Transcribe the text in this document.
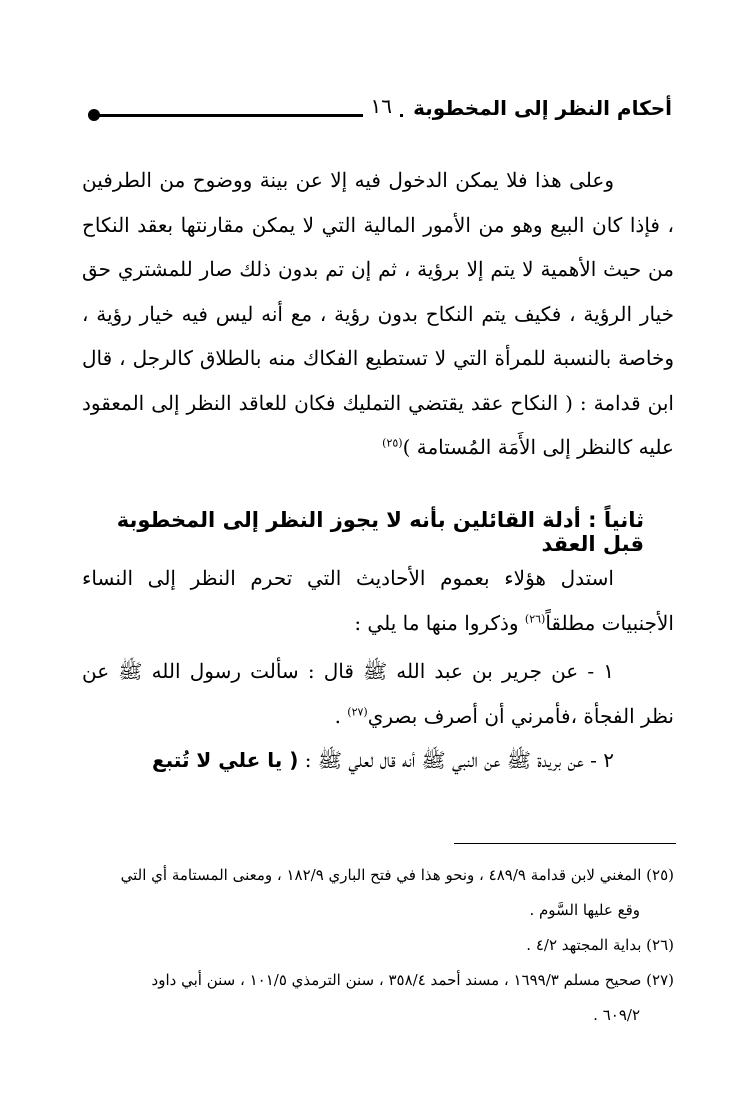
١٦	أحكام النظر إلى المخطوبة

وعلى هذا فلا يمكن الدخول فيه إلا عن بينة ووضوح من الطرفين ، فإذا كان البيع وهو من الأمور المالية التي لا يمكن مقارنتها بعقد النكاح من حيث الأهمية لا يتم إلا برؤية ، ثم إن تم بدون ذلك صار للمشتري حق خيار الرؤية ، فكيف يتم النكاح بدون رؤية ، مع أنه ليس فيه خيار رؤية ، وخاصة بالنسبة للمرأة التي لا تستطيع الفكاك منه بالطلاق كالرجل ، قال ابن قدامة : ( النكاح عقد يقتضي التمليك فكان للعاقد النظر إلى المعقود عليه كالنظر إلى الأَمَة المُستامة )$^{(٢٥)}$

ثانياً : أدلة القائلين بأنه لا يجوز النظر إلى المخطوبة قبل العقد

استدل هؤلاء بعموم الأحاديث التي تحرم النظر إلى النساء الأجنبيات مطلقاً$^{(٢٦)}$ وذكروا منها ما يلي :

١ - عن جرير بن عبد الله ﷺ قال : سألت رسول الله ﷺ عن نظر الفجأة ،فأمرني أن أصرف بصري$^{(٢٧)}$ .

٢ - عن بريدة ﷺ عن النبي ﷺ أنه قال لعلي ﷺ : ( يا علي لا تُتبع

(٢٥) المغني لابن قدامة ٤٨٩/٩ ، ونحو هذا في فتح الباري ١٨٢/٩ ، ومعنى المستامة أي التي

وقع عليها السَّوم .

(٢٦) بداية المجتهد ٤/٢ .

(٢٧) صحيح مسلم ١٦٩٩/٣ ، مسند أحمد ٣٥٨/٤ ، سنن الترمذي ١٠١/٥ ، سنن أبي داود

٦٠٩/٢ .
